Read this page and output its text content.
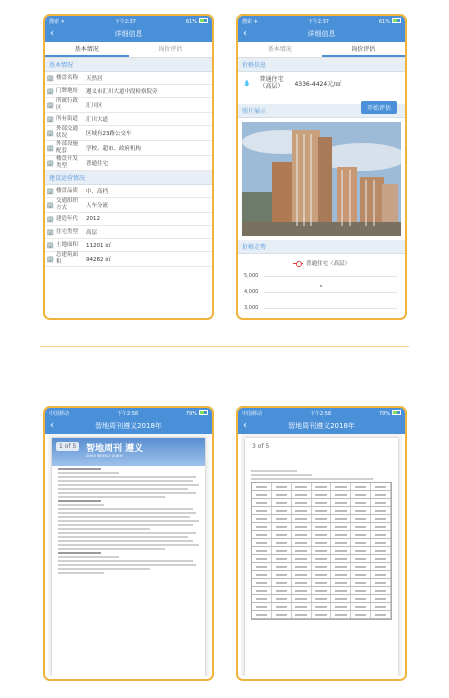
搜索 ✈	下午2:37	61%
‹	详细信息
基本情况	询价评估
基本情况
🏢 楼盘名称	天然居
🏢 门牌地址	遵义市汇川大道中段检察院旁
🏢
所属行政区	汇川区
🏢 所有街道	汇川大道
🏢
外部交通状况	区域有23路公交车
🏢
外部设施配套	学校、超市、政府机构
🏢
楼盘开发类型	普通住宅
建设运营情况
🏢 楼盘品质	中、高档
🏢
交通组织方式	人车分流
🏢 建造年代	2012
🏢 住宅类型	高层
🏢 土地面积	11201 ㎡
🏢
总建筑面积	94282 ㎡
搜索 ✈	下午2:37	61%
‹	详细信息
基本情况	询价评估
价格信息
💧	普通住宅（高层）	4336-4424元/㎡
开始评估
照片展示
价格走势
普通住宅（高层）
5,000
4,000
3,000
中国移动	下午2:58	79%
‹	智地周刊遵义2018年
智地周刊 遵义
ZHIDI WEEKLY ZUNYI
1 of 5
中国移动	下午2:58	79%
‹	智地周刊遵义2018年
3 of 5
